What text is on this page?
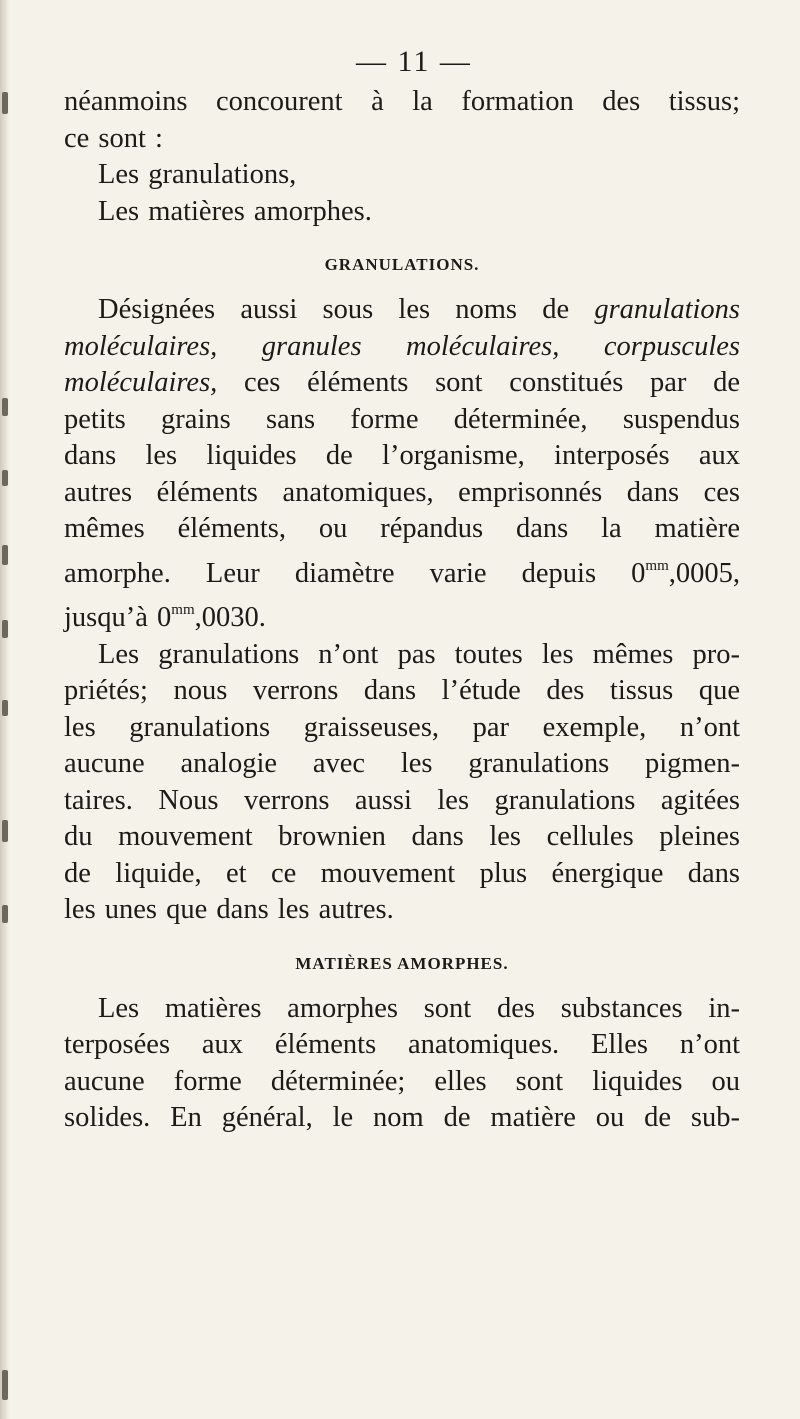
— 11 —
néanmoins concourent à la formation des tissus;
ce sont :
Les granulations,
Les matières amorphes.
GRANULATIONS.
Désignées aussi sous les noms de granulations
moléculaires, granules moléculaires, corpuscules
moléculaires, ces éléments sont constitués par de
petits grains sans forme déterminée, suspendus
dans les liquides de l’organisme, interposés aux
autres éléments anatomiques, emprisonnés dans ces
mêmes éléments, ou répandus dans la matière
amorphe. Leur diamètre varie depuis $0^{mm},0005$,
jusqu’à $0^{mm},0030$.
Les granulations n’ont pas toutes les mêmes pro-
priétés; nous verrons dans l’étude des tissus que
les granulations graisseuses, par exemple, n’ont
aucune analogie avec les granulations pigmen-
taires. Nous verrons aussi les granulations agitées
du mouvement brownien dans les cellules pleines
de liquide, et ce mouvement plus énergique dans
les unes que dans les autres.
MATIÈRES AMORPHES.
Les matières amorphes sont des substances in-
terposées aux éléments anatomiques. Elles n’ont
aucune forme déterminée; elles sont liquides ou
solides. En général, le nom de matière ou de sub-
